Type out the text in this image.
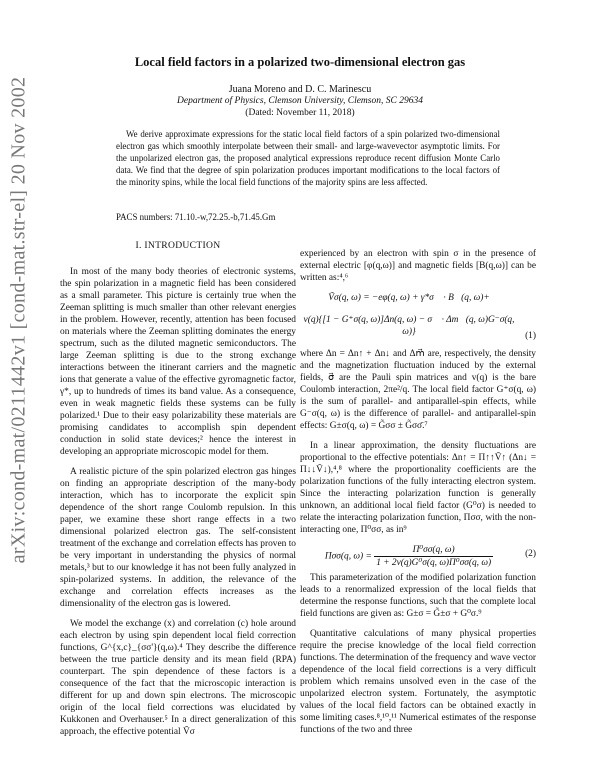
arXiv:cond-mat/0211442v1 [cond-mat.str-el] 20 Nov 2002
Local field factors in a polarized two-dimensional electron gas
Juana Moreno and D. C. Marinescu
Department of Physics, Clemson University, Clemson, SC 29634
(Dated: November 11, 2018)
We derive approximate expressions for the static local field factors of a spin polarized two-dimensional electron gas which smoothly interpolate between their small- and large-wavevector asymptotic limits. For the unpolarized electron gas, the proposed analytical expressions reproduce recent diffusion Monte Carlo data. We find that the degree of spin polarization produces important modifications to the local factors of the minority spins, while the local field functions of the majority spins are less affected.
PACS numbers: 71.10.-w,72.25.-b,71.45.Gm
I. INTRODUCTION

In most of the many body theories of electronic systems, the spin polarization in a magnetic field has been considered as a small parameter. This picture is certainly true when the Zeeman splitting is much smaller than other relevant energies in the problem. However, recently, attention has been focused on materials where the Zeeman splitting dominates the energy spectrum, such as the diluted magnetic semiconductors. The large Zeeman splitting is due to the strong exchange interactions between the itinerant carriers and the magnetic ions that generate a value of the effective gyromagnetic factor, γ*, up to hundreds of times its band value. As a consequence, even in weak magnetic fields these systems can be fully polarized.¹ Due to their easy polarizability these materials are promising candidates to accomplish spin dependent conduction in solid state devices;² hence the interest in developing an appropriate microscopic model for them.

A realistic picture of the spin polarized electron gas hinges on finding an appropriate description of the many-body interaction, which has to incorporate the explicit spin dependence of the short range Coulomb repulsion. In this paper, we examine these short range effects in a two dimensional polarized electron gas. The self-consistent treatment of the exchange and correlation effects has proven to be very important in understanding the physics of normal metals,³ but to our knowledge it has not been fully analyzed in spin-polarized systems. In addition, the relevance of the exchange and correlation effects increases as the dimensionality of the electron gas is lowered.

We model the exchange (x) and correlation (c) hole around each electron by using spin dependent local field correction functions, G^{x,c}_{σσ'}(q,ω).⁴ They describe the difference between the true particle density and its mean field (RPA) counterpart. The spin dependence of these factors is a consequence of the fact that the microscopic interaction is different for up and down spin electrons. The microscopic origin of the local field corrections was elucidated by Kukkonen and Overhauser.⁵ In a direct generalization of this approach, the effective potential Ṽσ

experienced by an electron with spin σ in the presence of external electric [φ(q,ω)] and magnetic fields [B(q,ω)] can be written as:⁴,⁶

Ṽσ(q, ω) = −eφ(q, ω) + γ*σ⃗ · B⃗(q, ω)+
v(q){[1 − G⁺σ(q, ω)]Δn(q, ω) − σ⃗ · Δm⃗(q, ω)G⁻σ(q, ω)}	(1)

where Δn = Δn↑ + Δn↓ and Δm⃗ are, respectively, the density and the magnetization fluctuation induced by the external fields, σ⃗ are the Pauli spin matrices and v(q) is the bare Coulomb interaction, 2πe²/q. The local field factor G⁺σ(q, ω) is the sum of parallel- and antiparallel-spin effects, while G⁻σ(q, ω) is the difference of parallel- and antiparallel-spin effects: G±σ(q, ω) = G̃σσ ± G̃σσ̄.⁷

In a linear approximation, the density fluctuations are proportional to the effective potentials: Δn↑ = Π↑↑Ṽ↑ (Δn↓ = Π↓↓Ṽ↓),⁴,⁸ where the proportionality coefficients are the polarization functions of the fully interacting electron system. Since the interacting polarization function is generally unknown, an additional local field factor (G⁰σ) is needed to relate the interacting polarization function, Πσσ, with the non-interacting one, Π⁰σσ, as in⁹

Πσσ(q, $\omega) = \frac{\text{Π⁰σσ(q, ω)}}{\text{1 + 2v(q)G⁰σ(q, ω)Π⁰σσ(q, ω)}}$	(2)

This parameterization of the modified polarization function leads to a renormalized expression of the local fields that determine the response functions, such that the complete local field functions are given as: G±σ = G̃±σ + G⁰σ.⁹

Quantitative calculations of many physical properties require the precise knowledge of the local field correction functions. The determination of the frequency and wave vector dependence of the local field corrections is a very difficult problem which remains unsolved even in the case of the unpolarized electron system. Fortunately, the asymptotic values of the local field factors can be obtained exactly in some limiting cases.⁸,¹⁰,¹¹ Numerical estimates of the response functions of the two and three
